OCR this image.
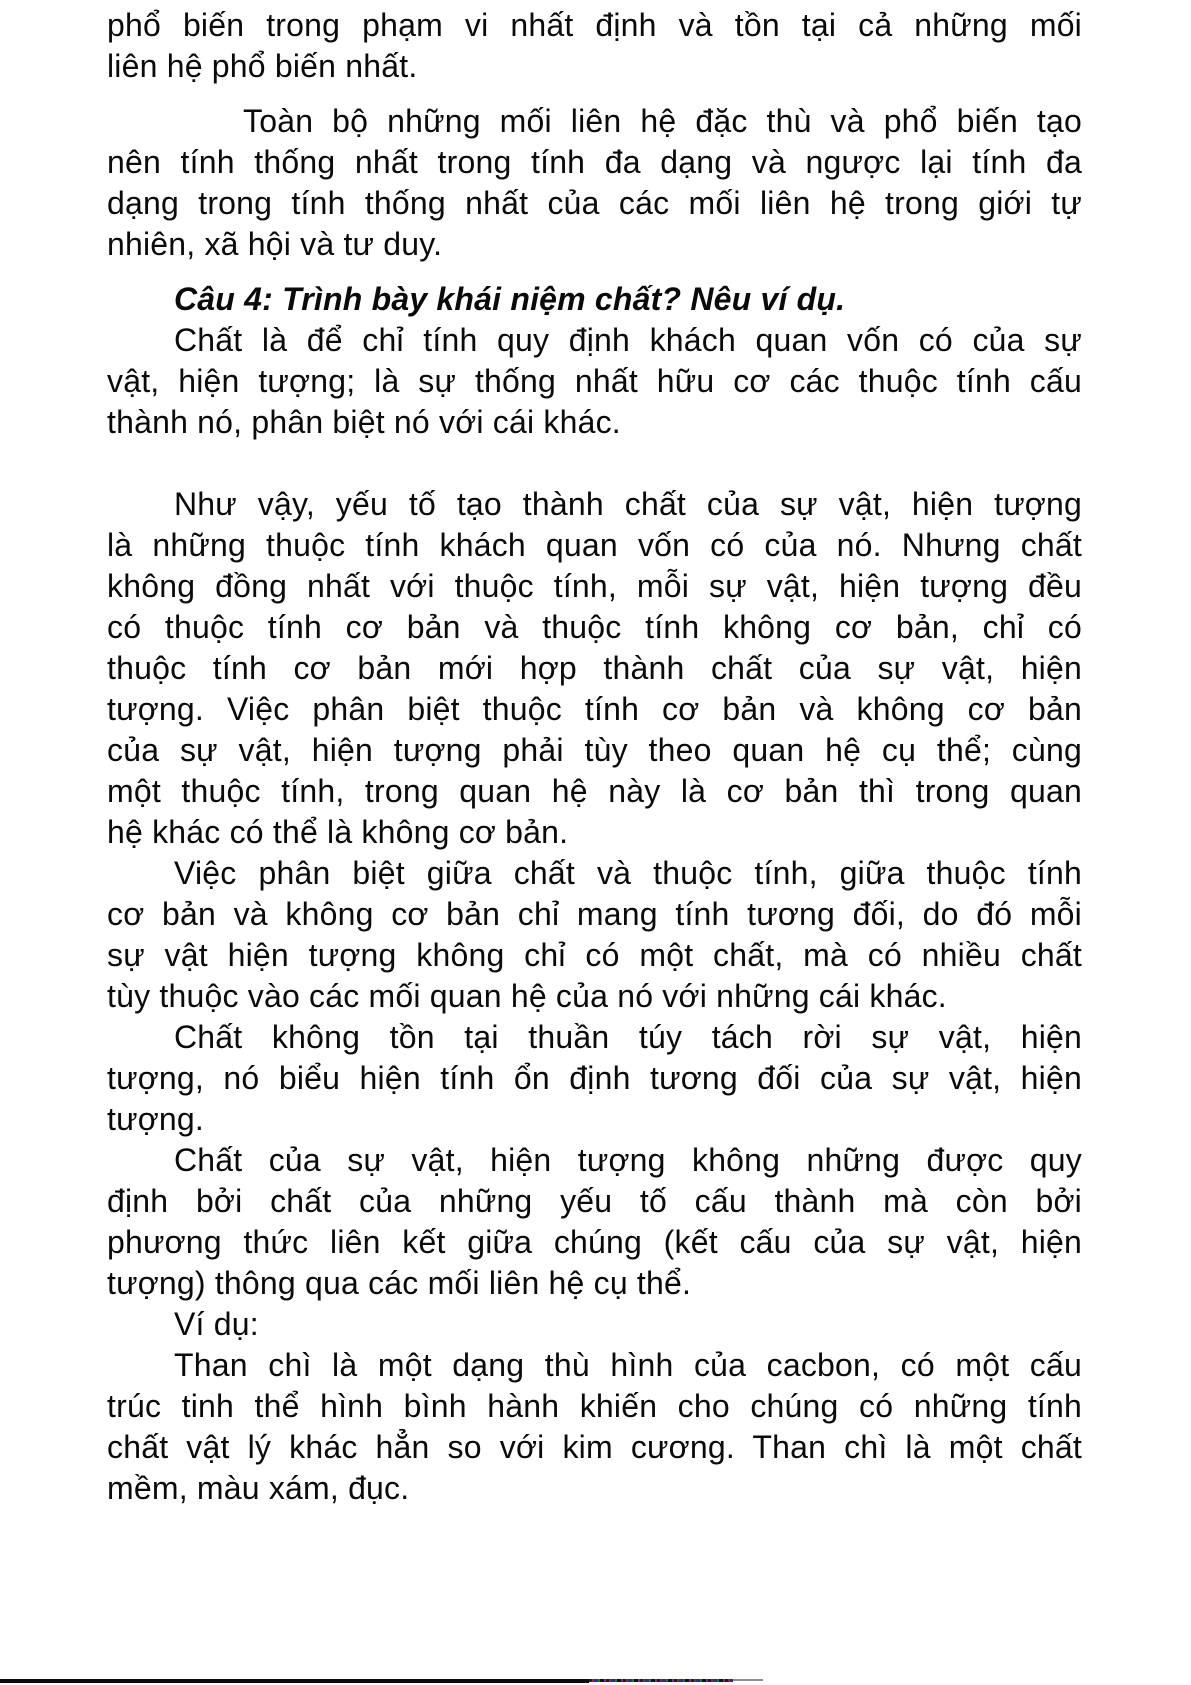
phổ biến trong phạm vi nhất định và tồn tại cả những mối
liên hệ phổ biến nhất.
Toàn bộ những mối liên hệ đặc thù và phổ biến tạo
nên tính thống nhất trong tính đa dạng và ngược lại tính đa
dạng trong tính thống nhất của các mối liên hệ trong giới tự
nhiên, xã hội và tư duy.
Câu 4: Trình bày khái niệm chất? Nêu ví dụ.
Chất là để chỉ tính quy định khách quan vốn có của sự
vật, hiện tượng; là sự thống nhất hữu cơ các thuộc tính cấu
thành nó, phân biệt nó với cái khác.
Như vậy, yếu tố tạo thành chất của sự vật, hiện tượng
là những thuộc tính khách quan vốn có của nó. Nhưng chất
không đồng nhất với thuộc tính, mỗi sự vật, hiện tượng đều
có thuộc tính cơ bản và thuộc tính không cơ bản, chỉ có
thuộc tính cơ bản mới hợp thành chất của sự vật, hiện
tượng. Việc phân biệt thuộc tính cơ bản và không cơ bản
của sự vật, hiện tượng phải tùy theo quan hệ cụ thể; cùng
một thuộc tính, trong quan hệ này là cơ bản thì trong quan
hệ khác có thể là không cơ bản.
Việc phân biệt giữa chất và thuộc tính, giữa thuộc tính
cơ bản và không cơ bản chỉ mang tính tương đối, do đó mỗi
sự vật hiện tượng không chỉ có một chất, mà có nhiều chất
tùy thuộc vào các mối quan hệ của nó với những cái khác.
Chất không tồn tại thuần túy tách rời sự vật, hiện
tượng, nó biểu hiện tính ổn định tương đối của sự vật, hiện
tượng.
Chất của sự vật, hiện tượng không những được quy
định bởi chất của những yếu tố cấu thành mà còn bởi
phương thức liên kết giữa chúng (kết cấu của sự vật, hiện
tượng) thông qua các mối liên hệ cụ thể.
Ví dụ:
Than chì là một dạng thù hình của cacbon, có một cấu
trúc tinh thể hình bình hành khiến cho chúng có những tính
chất vật lý khác hẳn so với kim cương. Than chì là một chất
mềm, màu xám, đục.
